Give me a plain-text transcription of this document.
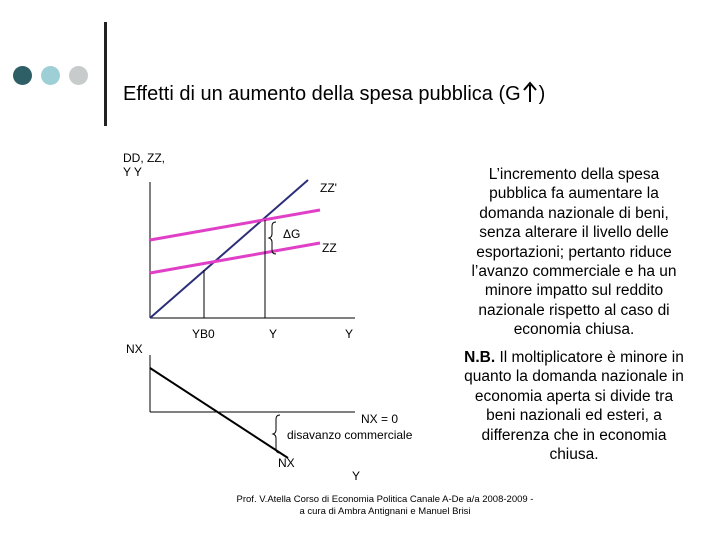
Effetti di un aumento della spesa pubblica (G )
DD, ZZ,
Y Y
ZZ'
ΔG
ZZ
YB0	Y	Y
NX
NX = 0
disavanzo commerciale
NX
Y
L’incremento della spesa pubblica fa aumentare la domanda nazionale di beni, senza alterare il livello delle esportazioni; pertanto riduce l’avanzo commerciale e ha un minore impatto sul reddito nazionale rispetto al caso di economia chiusa.
N.B. Il moltiplicatore è minore in quanto la domanda nazionale in economia aperta si divide tra beni nazionali ed esteri, a differenza che in economia chiusa.
Prof. V.Atella Corso di Economia Politica Canale A-De a/a 2008-2009 -
a cura di Ambra Antignani e Manuel Brisi
